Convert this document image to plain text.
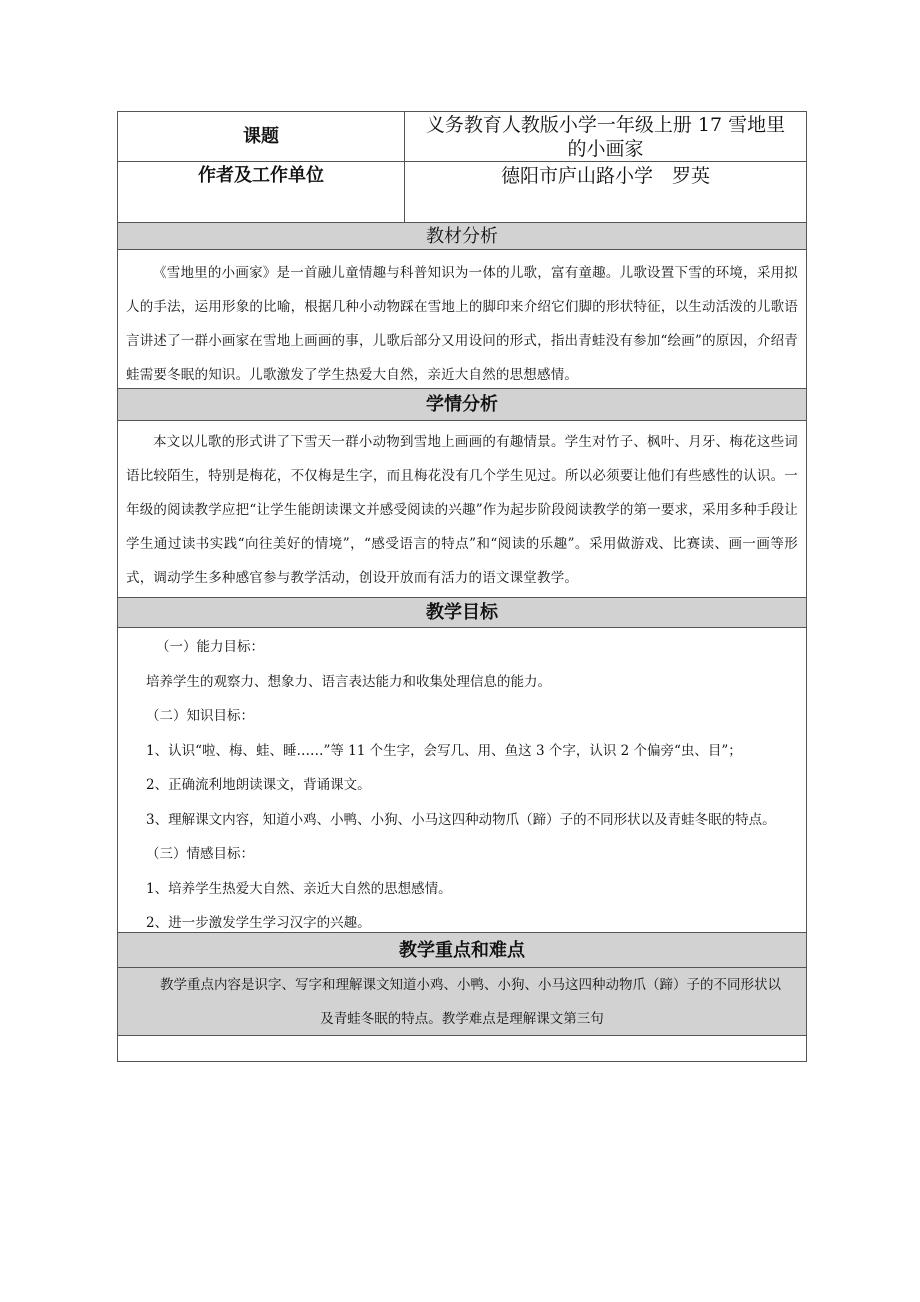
课题
义务教育人教版小学一年级上册 17 雪地里
的小画家
作者及工作单位	德阳市庐山路小学　罗英
教材分析
《雪地里的小画家》是一首融儿童情趣与科普知识为一体的儿歌，富有童趣。儿歌设置下雪的环境，采用拟人的手法，运用形象的比喻，根据几种小动物踩在雪地上的脚印来介绍它们脚的形状特征，以生动活泼的儿歌语言讲述了一群小画家在雪地上画画的事，儿歌后部分又用设问的形式，指出青蛙没有参加“绘画”的原因，介绍青蛙需要冬眠的知识。儿歌激发了学生热爱大自然，亲近大自然的思想感情。
学情分析
本文以儿歌的形式讲了下雪天一群小动物到雪地上画画的有趣情景。学生对竹子、枫叶、月牙、梅花这些词语比较陌生，特别是梅花，不仅梅是生字，而且梅花没有几个学生见过。所以必须要让他们有些感性的认识。一年级的阅读教学应把“让学生能朗读课文并感受阅读的兴趣”作为起步阶段阅读教学的第一要求，采用多种手段让学生通过读书实践“向往美好的情境”，“感受语言的特点”和“阅读的乐趣”。采用做游戏、比赛读、画一画等形式，调动学生多种感官参与教学活动，创设开放而有活力的语文课堂教学。
教学目标

（一）能力目标：

培养学生的观察力、想象力、语言表达能力和收集处理信息的能力。

（二）知识目标：

1、认识“啦、梅、蛙、睡……”等 11 个生字，会写几、用、鱼这 3 个字，认识 2 个偏旁“虫、目”；

2、正确流利地朗读课文，背诵课文。

3、理解课文内容，知道小鸡、小鸭、小狗、小马这四种动物爪（蹄）子的不同形状以及青蛙冬眠的特点。

（三）情感目标：

1、培养学生热爱大自然、亲近大自然的思想感情。

2、进一步激发学生学习汉字的兴趣。

教学重点和难点
教学重点内容是识字、写字和理解课文知道小鸡、小鸭、小狗、小马这四种动物爪（蹄）子的不同形状以
及青蛙冬眠的特点。教学难点是理解课文第三句
